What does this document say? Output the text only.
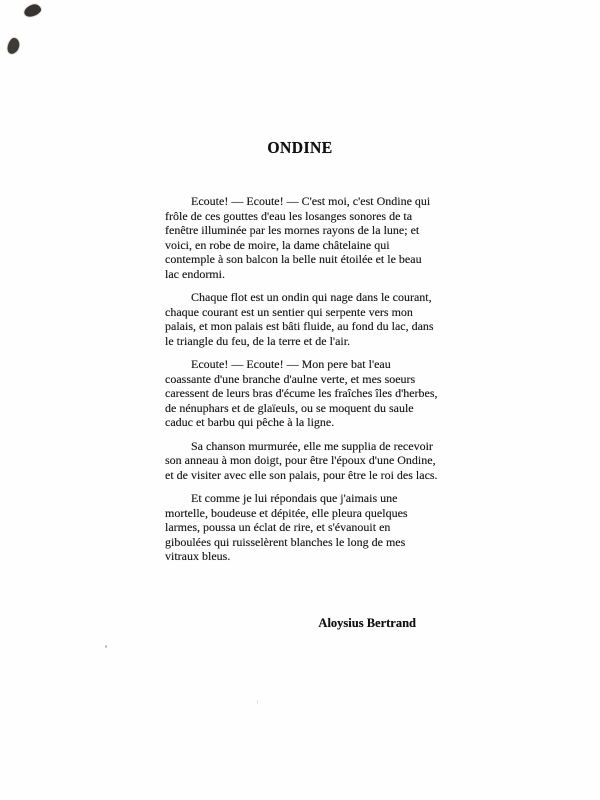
ONDINE

Ecoute! — Ecoute! — C'est moi, c'est Ondine qui frôle de ces gouttes d'eau les losanges sonores de ta fenêtre illuminée par les mornes rayons de la lune; et voici, en robe de moire, la dame châtelaine qui contemple à son balcon la belle nuit étoilée et le beau lac endormi.

Chaque flot est un ondin qui nage dans le courant, chaque courant est un sentier qui serpente vers mon palais, et mon palais est bâti fluide, au fond du lac, dans le triangle du feu, de la terre et de l'air.

Ecoute! — Ecoute! — Mon pere bat l'eau coassante d'une branche d'aulne verte, et mes soeurs caressent de leurs bras d'écume les fraîches îles d'herbes, de nénuphars et de glaïeuls, ou se moquent du saule caduc et barbu qui pêche à la ligne.

Sa chanson murmurée, elle me supplia de recevoir son anneau à mon doigt, pour être l'époux d'une Ondine, et de visiter avec elle son palais, pour être le roi des lacs.

Et comme je lui répondais que j'aimais une mortelle, boudeuse et dépitée, elle pleura quelques larmes, poussa un éclat de rire, et s'évanouit en giboulées qui ruisselèrent blanches le long de mes vitraux bleus.

Aloysius Bertrand
